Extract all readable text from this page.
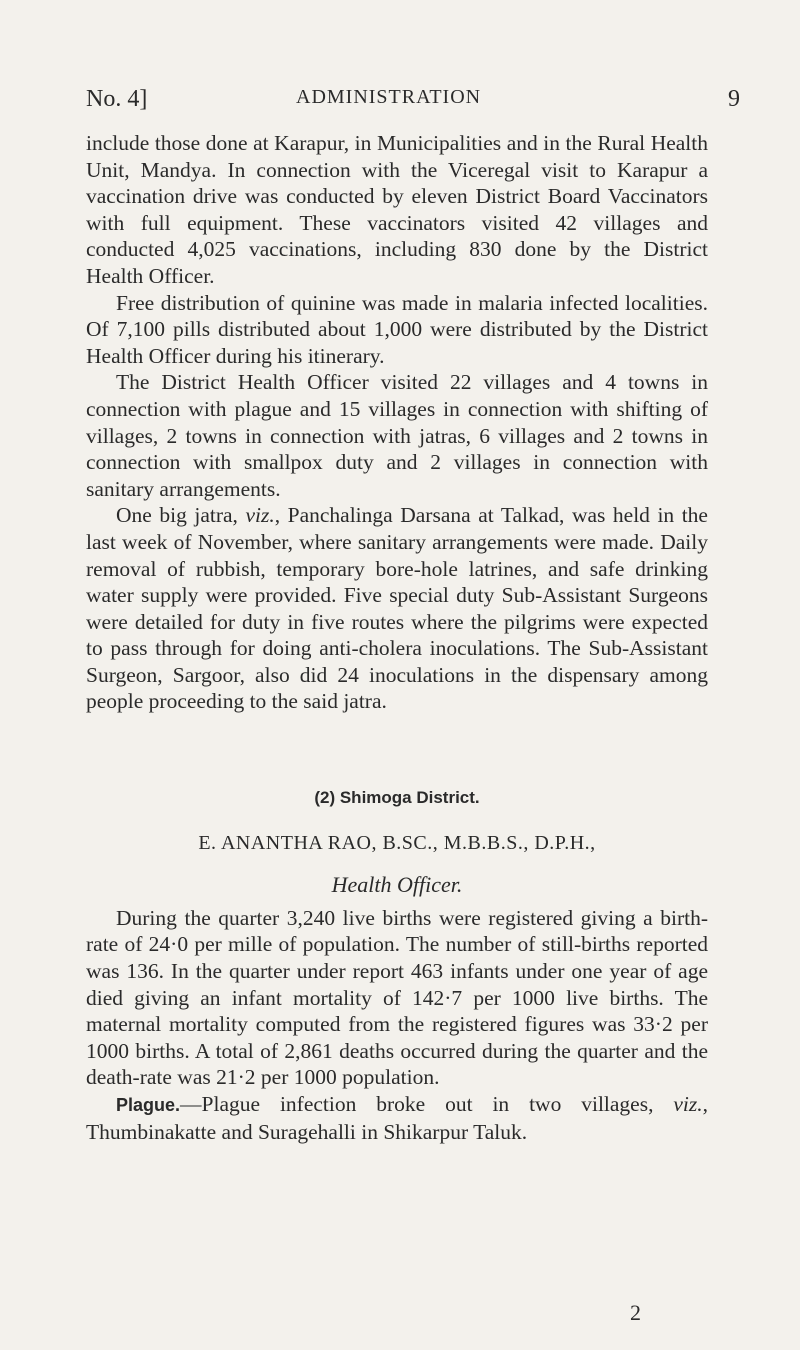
No. 4]	ADMINISTRATION	9

include those done at Karapur, in Municipalities and in the Rural Health Unit, Mandya. In connection with the Viceregal visit to Karapur a vaccination drive was conducted by eleven District Board Vaccinators with full equipment. These vaccinators visited 42 villages and conducted 4,025 vaccinations, including 830 done by the District Health Officer.

Free distribution of quinine was made in malaria infected localities. Of 7,100 pills distributed about 1,000 were distributed by the District Health Officer during his itinerary.

The District Health Officer visited 22 villages and 4 towns in connection with plague and 15 villages in connection with shifting of villages, 2 towns in connection with jatras, 6 villages and 2 towns in connection with smallpox duty and 2 villages in connection with sanitary arrangements.

One big jatra, viz., Panchalinga Darsana at Talkad, was held in the last week of November, where sanitary arrangements were made. Daily removal of rubbish, temporary bore-hole latrines, and safe drinking water supply were provided. Five special duty Sub-Assistant Surgeons were detailed for duty in five routes where the pilgrims were expected to pass through for doing anti-cholera inoculations. The Sub-Assistant Surgeon, Sargoor, also did 24 inoculations in the dispensary among people proceeding to the said jatra.

(2) Shimoga District.
E. ANANTHA RAO, B.SC., M.B.B.S., D.P.H.,
Health Officer.

During the quarter 3,240 live births were registered giving a birth-rate of 24·0 per mille of population. The number of still-births reported was 136. In the quarter under report 463 infants under one year of age died giving an infant mortality of 142·7 per 1000 live births. The maternal mortality computed from the registered figures was 33·2 per 1000 births. A total of 2,861 deaths occurred during the quarter and the death-rate was 21·2 per 1000 population.

Plague.—Plague infection broke out in two villages, viz., Thumbinakatte and Suragehalli in Shikarpur Taluk.

2
